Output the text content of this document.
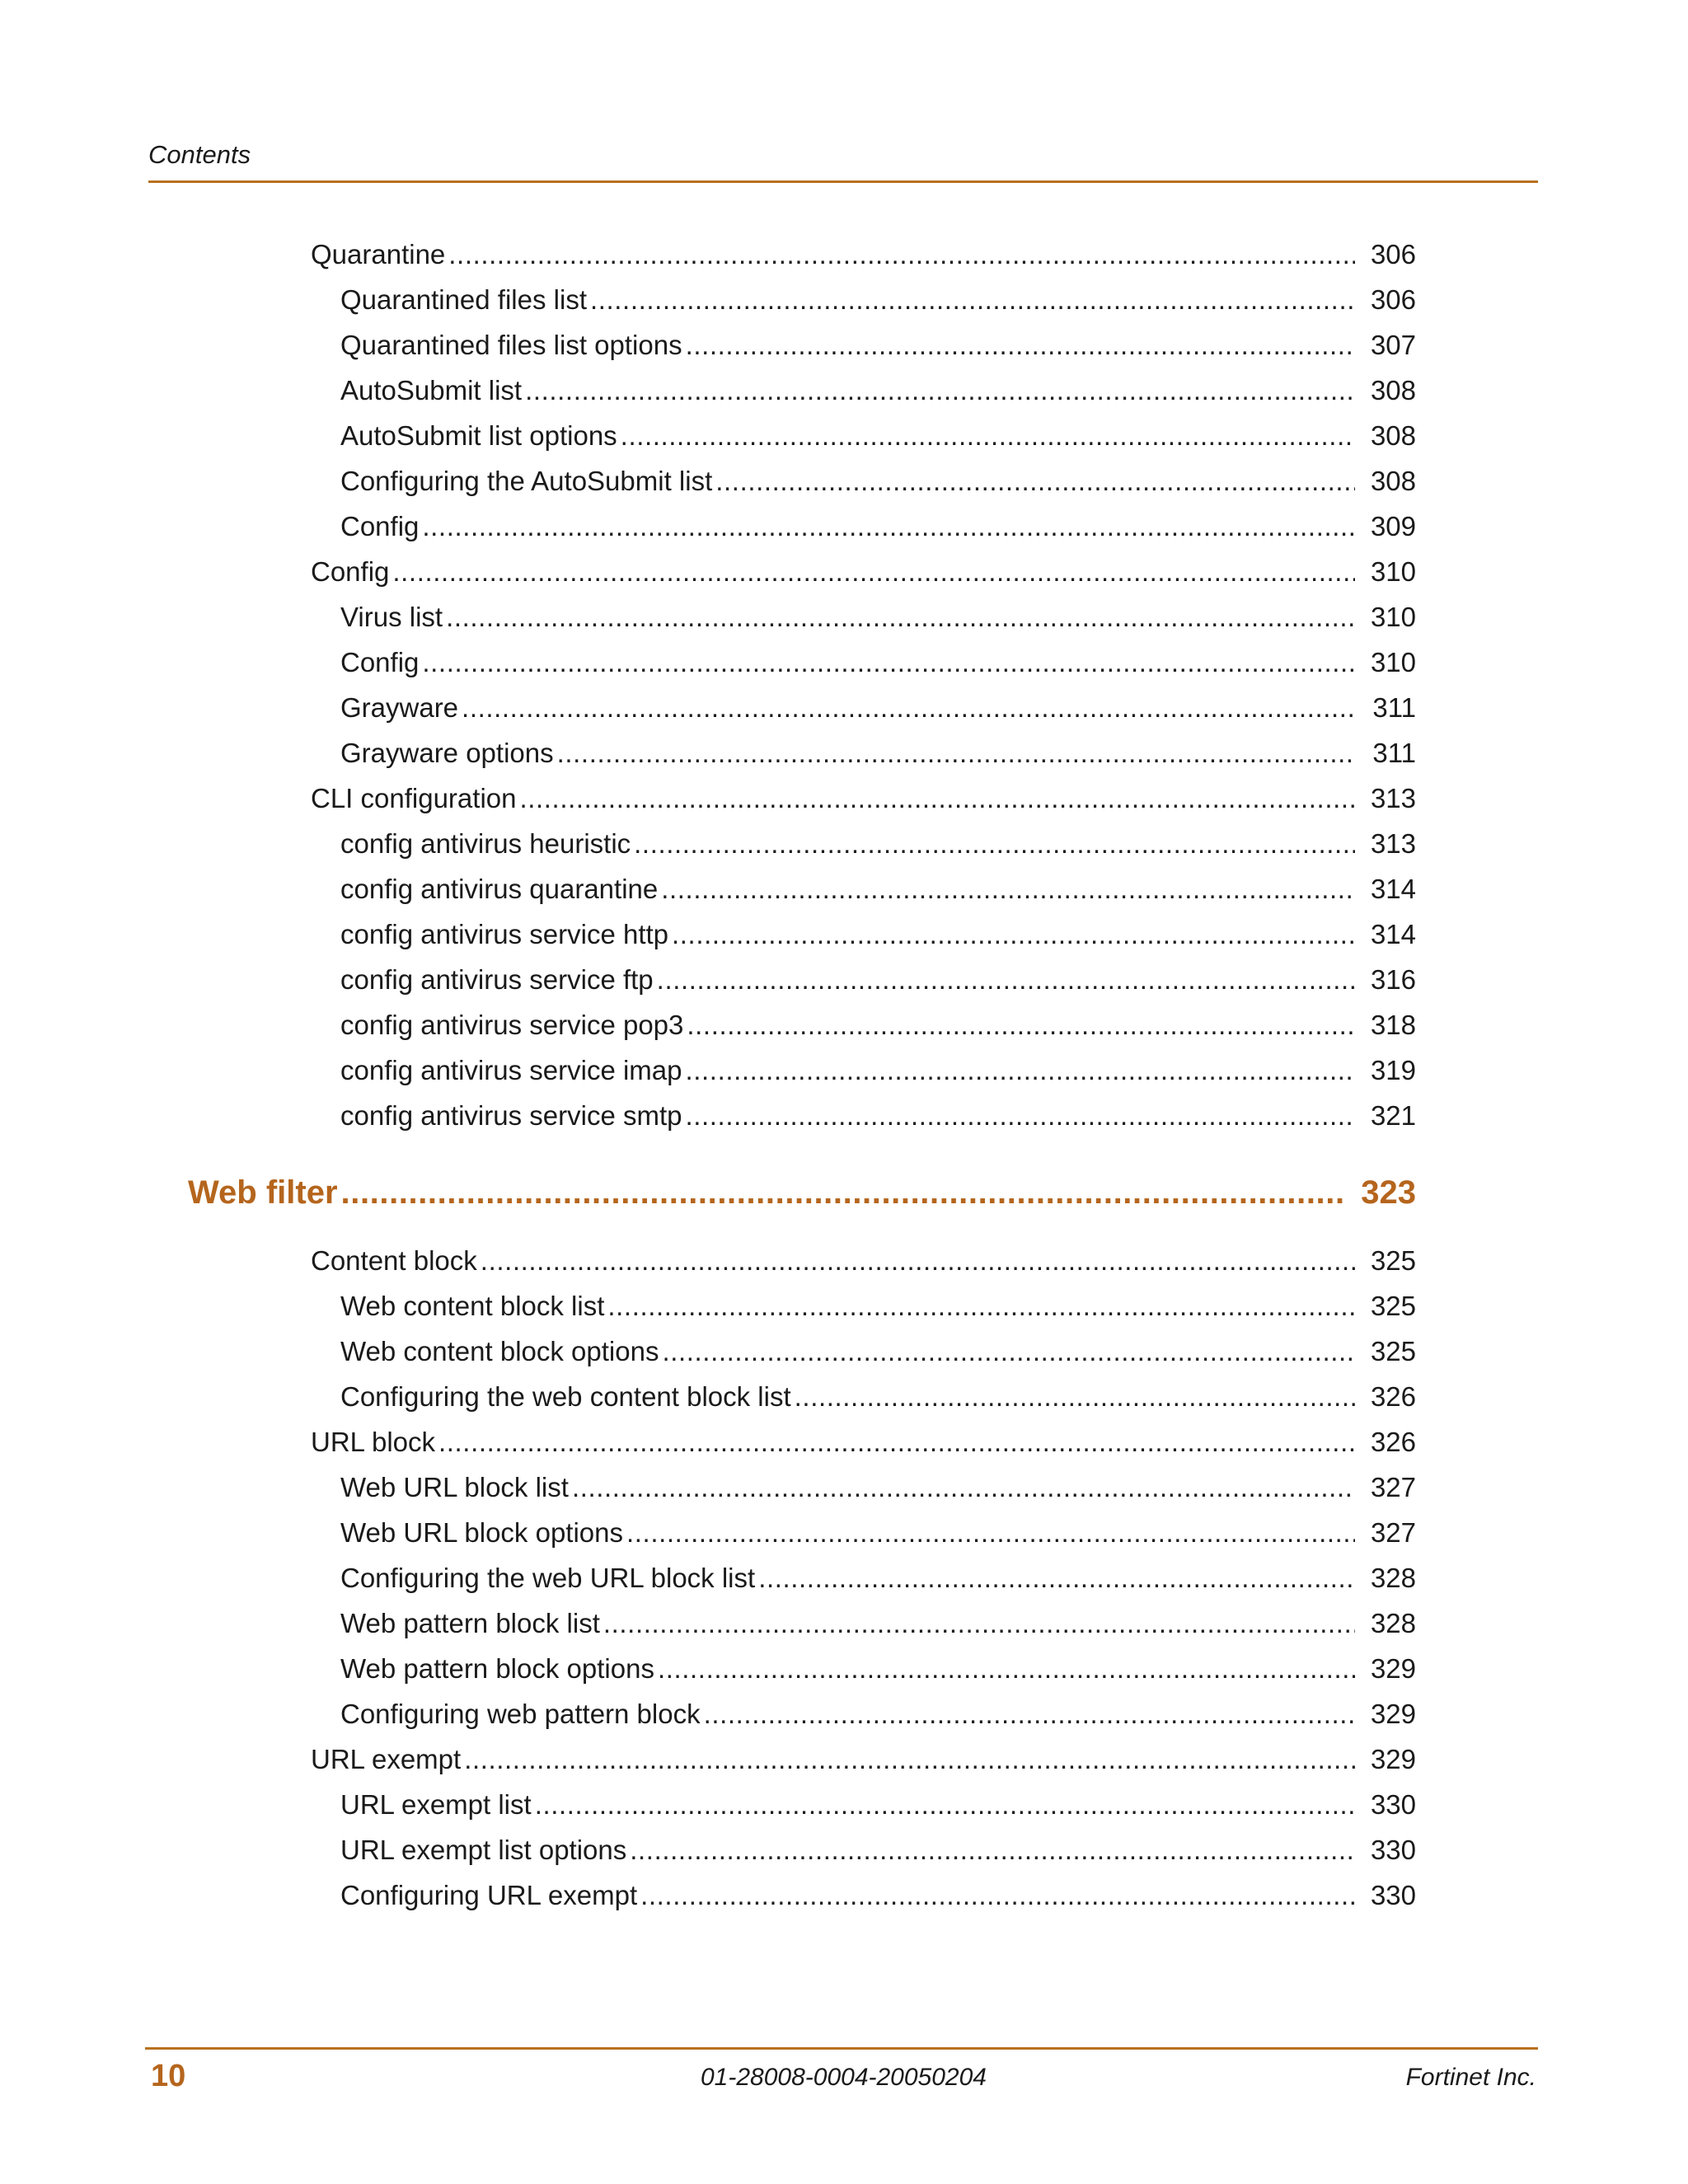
Contents
Quarantine .....	306
Quarantined files list .....	306
Quarantined files list options .....	307
AutoSubmit list .....	308
AutoSubmit list options .....	308
Configuring the AutoSubmit list .....	308
Config .....	309
Config .....	310
Virus list .....	310
Config .....	310
Grayware .....	311
Grayware options .....	311
CLI configuration .....	313
config antivirus heuristic .....	313
config antivirus quarantine .....	314
config antivirus service http .....	314
config antivirus service ftp .....	316
config antivirus service pop3 .....	318
config antivirus service imap .....	319
config antivirus service smtp .....	321
Web filter .....	323
Content block .....	325
Web content block list .....	325
Web content block options .....	325
Configuring the web content block list .....	326
URL block .....	326
Web URL block list .....	327
Web URL block options .....	327
Configuring the web URL block list .....	328
Web pattern block list .....	328
Web pattern block options .....	329
Configuring web pattern block .....	329
URL exempt .....	329
URL exempt list .....	330
URL exempt list options .....	330
Configuring URL exempt .....	330
10	01-28008-0004-20050204	Fortinet Inc.
